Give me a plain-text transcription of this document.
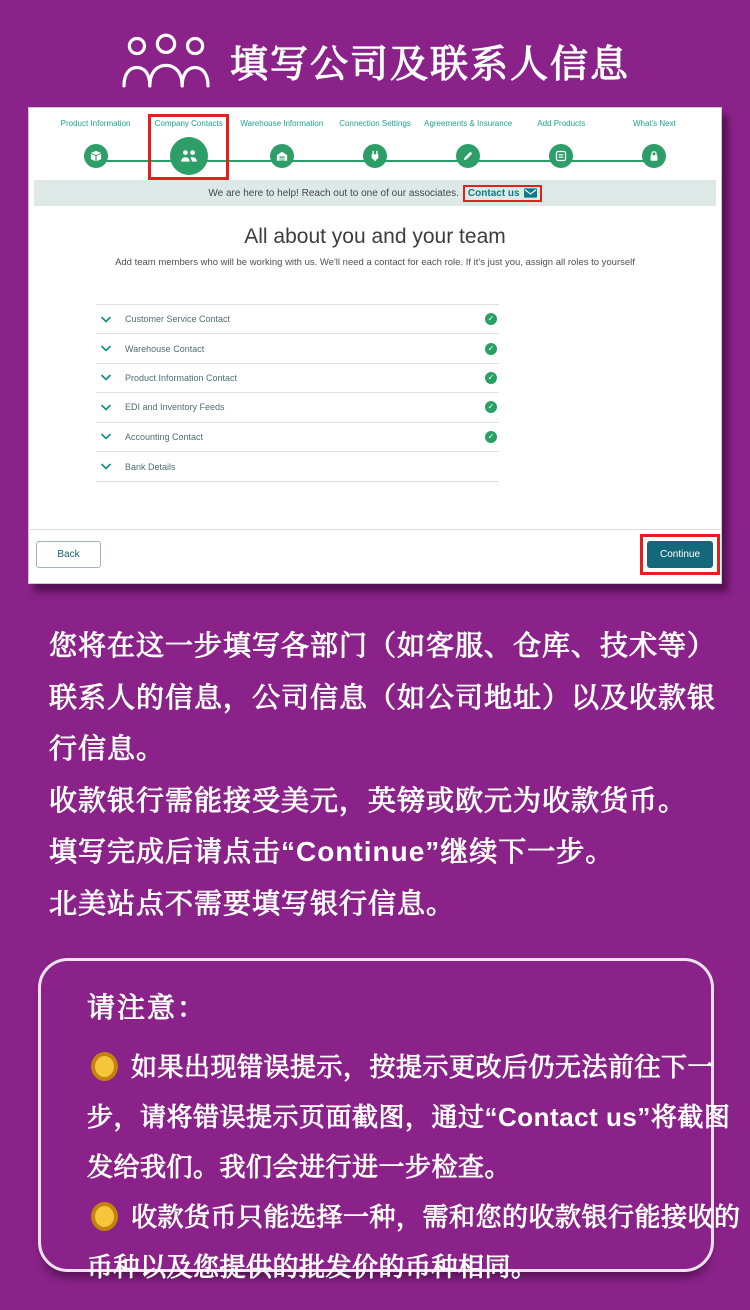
填写公司及联系人信息
Product Information	Company Contacts Warehouse Information Connection Settings Agreements & Insurance	Add Products	What's Next
We are here to help! Reach out to one of our associates. Contact us
All about you and your team

Add team members who will be working with us. We'll need a contact for each role. If it's just you, assign all roles to yourself

Customer Service Contact	✓
Warehouse Contact	✓
Product Information Contact	✓
EDI and Inventory Feeds	✓
Accounting Contact	✓
Bank Details
Back	Continue
您将在这一步填写各部门（如客服、仓库、技术等）
联系人的信息，公司信息（如公司地址）以及收款银
行信息。
收款银行需能接受美元，英镑或欧元为收款货币。
填写完成后请点击“Continue”继续下一步。
北美站点不需要填写银行信息。
请注意：
如果出现错误提示，按提示更改后仍无法前往下一
步，请将错误提示页面截图，通过“Contact us”将截图
发给我们。我们会进行进一步检查。
收款货币只能选择一种，需和您的收款银行能接收的
币种以及您提供的批发价的币种相同。
